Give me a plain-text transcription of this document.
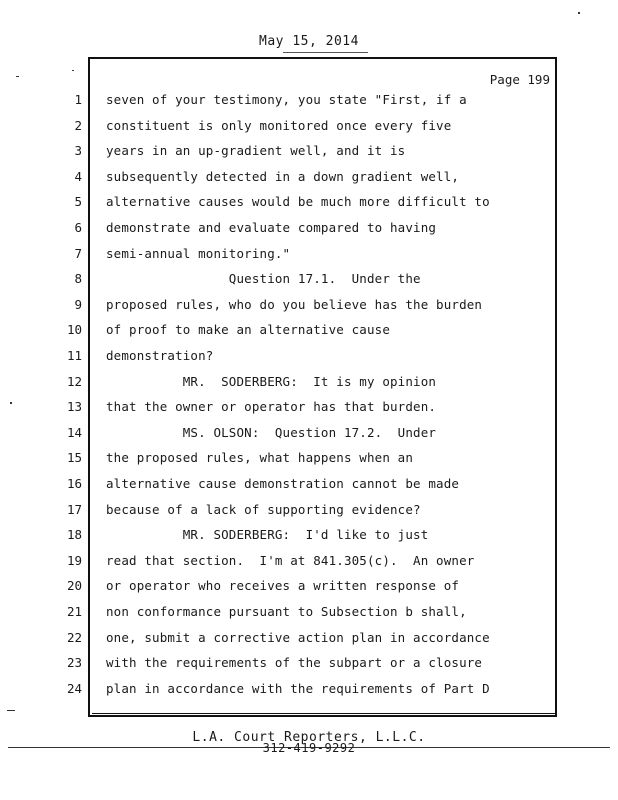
May 15, 2014
Page 199
1 seven of your testimony, you state "First, if a
2 constituent is only monitored once every five
3 years in an up-gradient well, and it is
4 subsequently detected in a down gradient well,
5 alternative causes would be much more difficult to
6 demonstrate and evaluate compared to having
7 semi-annual monitoring."
8 Question 17.1.  Under the
9 proposed rules, who do you believe has the burden
10 of proof to make an alternative cause
11 demonstration?
12 MR.  SODERBERG:  It is my opinion
13 that the owner or operator has that burden.
14 MS. OLSON:  Question 17.2.  Under
15 the proposed rules, what happens when an
16 alternative cause demonstration cannot be made
17 because of a lack of supporting evidence?
18 MR. SODERBERG:  I'd like to just
19 read that section.  I'm at 841.305(c).  An owner
20 or operator who receives a written response of
21 non conformance pursuant to Subsection b shall,
22 one, submit a corrective action plan in accordance
23 with the requirements of the subpart or a closure
24 plan in accordance with the requirements of Part D
L.A. Court Reporters, L.L.C.
312-419-9292
